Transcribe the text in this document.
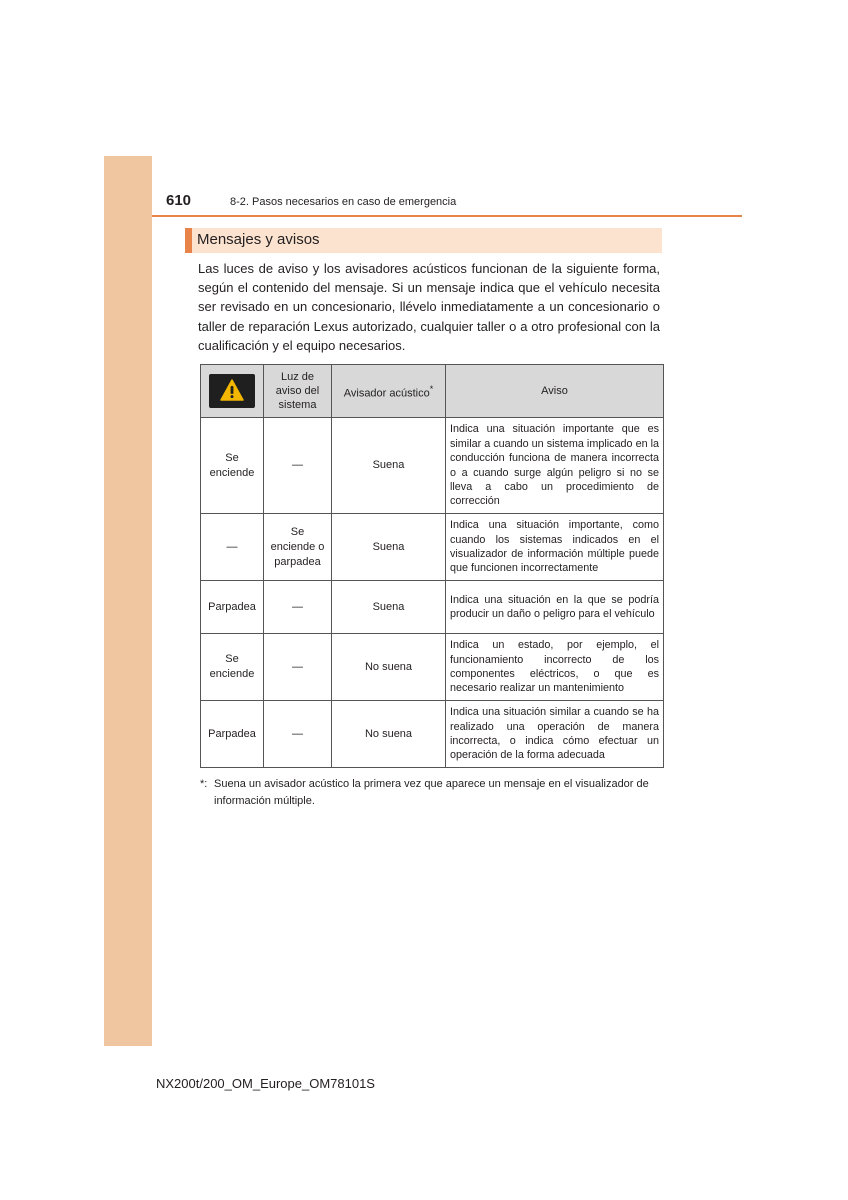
610	8-2. Pasos necesarios en caso de emergencia
Mensajes y avisos
Las luces de aviso y los avisadores acústicos funcionan de la siguiente forma, según el contenido del mensaje. Si un mensaje indica que el vehículo necesita ser revisado en un concesionario, llévelo inmediatamente a un concesionario o taller de reparación Lexus autorizado, cualquier taller o a otro profesional con la cualificación y el equipo necesarios.
	Luz de aviso del sistema	Avisador acústico*	Aviso
Se enciende	—	Suena	Indica una situación importante que es similar a cuando un sistema implicado en la conducción funciona de manera incorrecta o a cuando surge algún peligro si no se lleva a cabo un procedimiento de corrección
—	Se enciende o parpadea	Suena	Indica una situación importante, como cuando los sistemas indicados en el visualizador de información múltiple puede que funcionen incorrectamente
Parpadea	—	Suena	Indica una situación en la que se podría producir un daño o peligro para el vehículo
Se enciende	—	No suena	Indica un estado, por ejemplo, el funcionamiento incorrecto de los componentes eléctricos, o que es necesario realizar un mantenimiento
Parpadea	—	No suena	Indica una situación similar a cuando se ha realizado una operación de manera incorrecta, o indica cómo efectuar un operación de la forma adecuada
*: Suena un avisador acústico la primera vez que aparece un mensaje en el visualizador de información múltiple.
NX200t/200_OM_Europe_OM78101S
